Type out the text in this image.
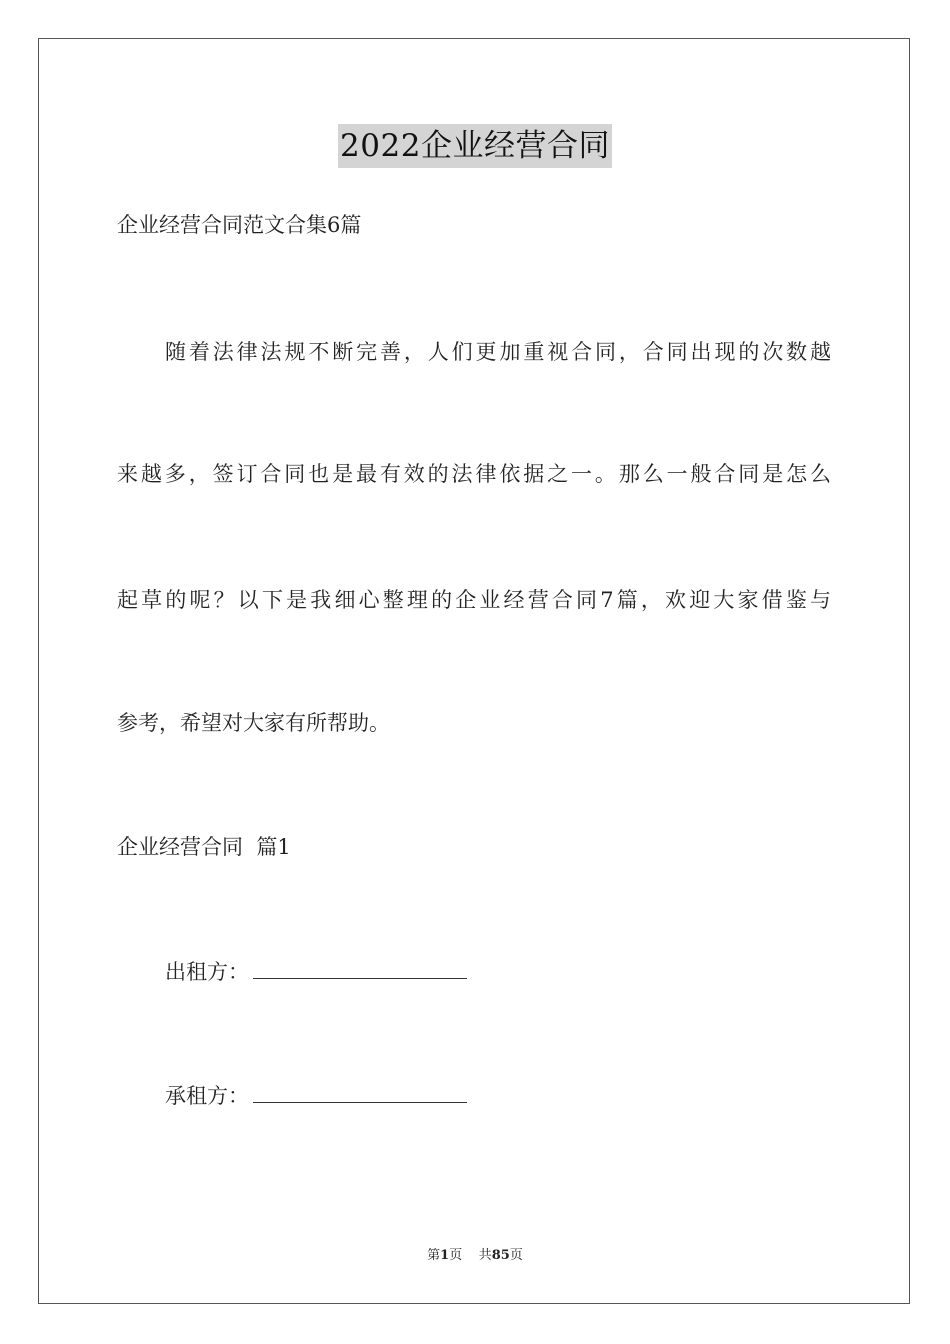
2022企业经营合同
企业经营合同范文合集6篇
随着法律法规不断完善，人们更加重视合同，合同出现的次数越
来越多，签订合同也是最有效的法律依据之一。那么一般合同是怎么
起草的呢？以下是我细心整理的企业经营合同7篇，欢迎大家借鉴与
参考，希望对大家有所帮助。
企业经营合同  篇1
出租方：
承租方：
第1页 共85页
